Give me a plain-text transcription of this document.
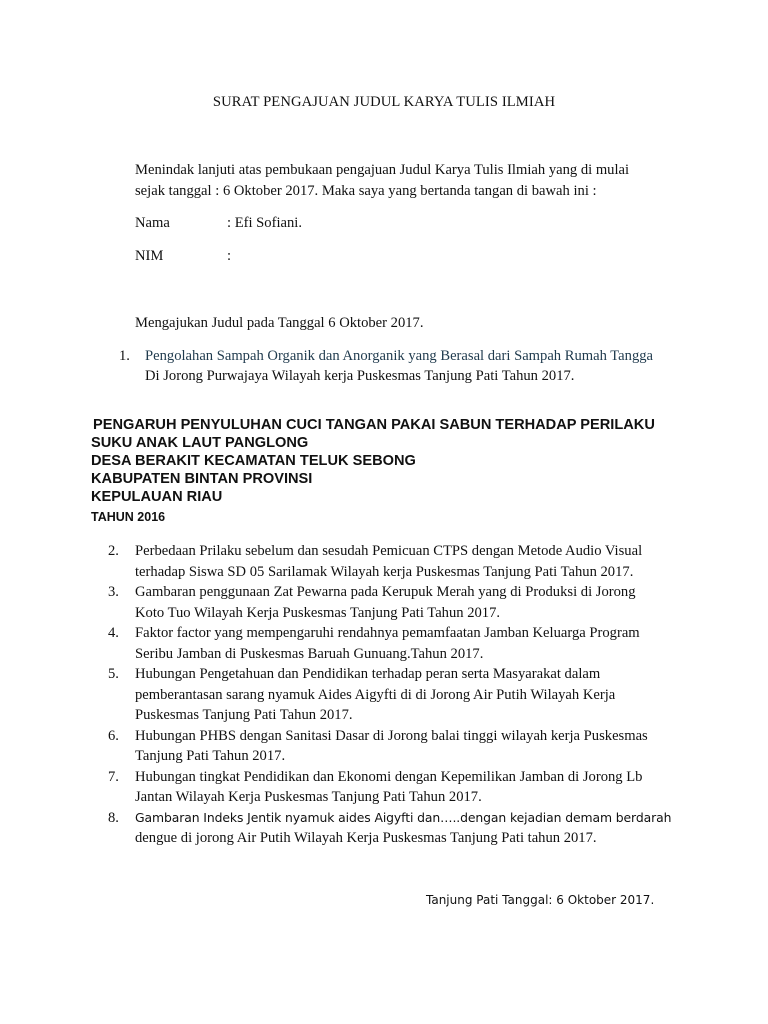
SURAT PENGAJUAN JUDUL KARYA TULIS ILMIAH
Menindak lanjuti atas pembukaan pengajuan Judul Karya Tulis Ilmiah yang di mulai
sejak tanggal : 6 Oktober 2017. Maka saya yang bertanda tangan di bawah ini :
Nama	: Efi Sofiani.
NIM	:
Mengajukan Judul pada Tanggal 6 Oktober 2017.
1. Pengolahan Sampah Organik dan Anorganik yang Berasal dari Sampah Rumah Tangga
Di Jorong Purwajaya Wilayah kerja Puskesmas Tanjung Pati Tahun 2017.
PENGARUH PENYULUHAN CUCI TANGAN PAKAI SABUN TERHADAP PERILAKU
SUKU ANAK LAUT PANGLONG
DESA BERAKIT KECAMATAN TELUK SEBONG
KABUPATEN BINTAN PROVINSI
KEPULAUAN RIAU
TAHUN 2016
2. Perbedaan Prilaku sebelum dan sesudah Pemicuan CTPS dengan Metode Audio Visual
terhadap Siswa SD 05 Sarilamak Wilayah kerja Puskesmas Tanjung Pati Tahun 2017.
3. Gambaran penggunaan Zat Pewarna pada Kerupuk Merah yang di Produksi di Jorong
Koto Tuo Wilayah Kerja Puskesmas Tanjung Pati Tahun 2017.
4. Faktor factor yang mempengaruhi rendahnya pemamfaatan Jamban Keluarga Program
Seribu Jamban di Puskesmas Baruah Gunuang.Tahun 2017.
5. Hubungan Pengetahuan dan Pendidikan terhadap peran serta Masyarakat dalam
pemberantasan sarang nyamuk Aides Aigyfti di di Jorong Air Putih Wilayah Kerja
Puskesmas Tanjung Pati Tahun 2017.
6. Hubungan PHBS dengan Sanitasi Dasar di Jorong balai tinggi wilayah kerja Puskesmas
Tanjung Pati Tahun 2017.
7. Hubungan tingkat Pendidikan dan Ekonomi dengan Kepemilikan Jamban di Jorong Lb
Jantan Wilayah Kerja Puskesmas Tanjung Pati Tahun 2017.
8. Gambaran Indeks Jentik nyamuk aides Aigyfti dan…..dengan kejadian demam berdarah
dengue di jorong Air Putih Wilayah Kerja Puskesmas Tanjung Pati tahun 2017.
Tanjung Pati Tanggal: 6 Oktober 2017.
